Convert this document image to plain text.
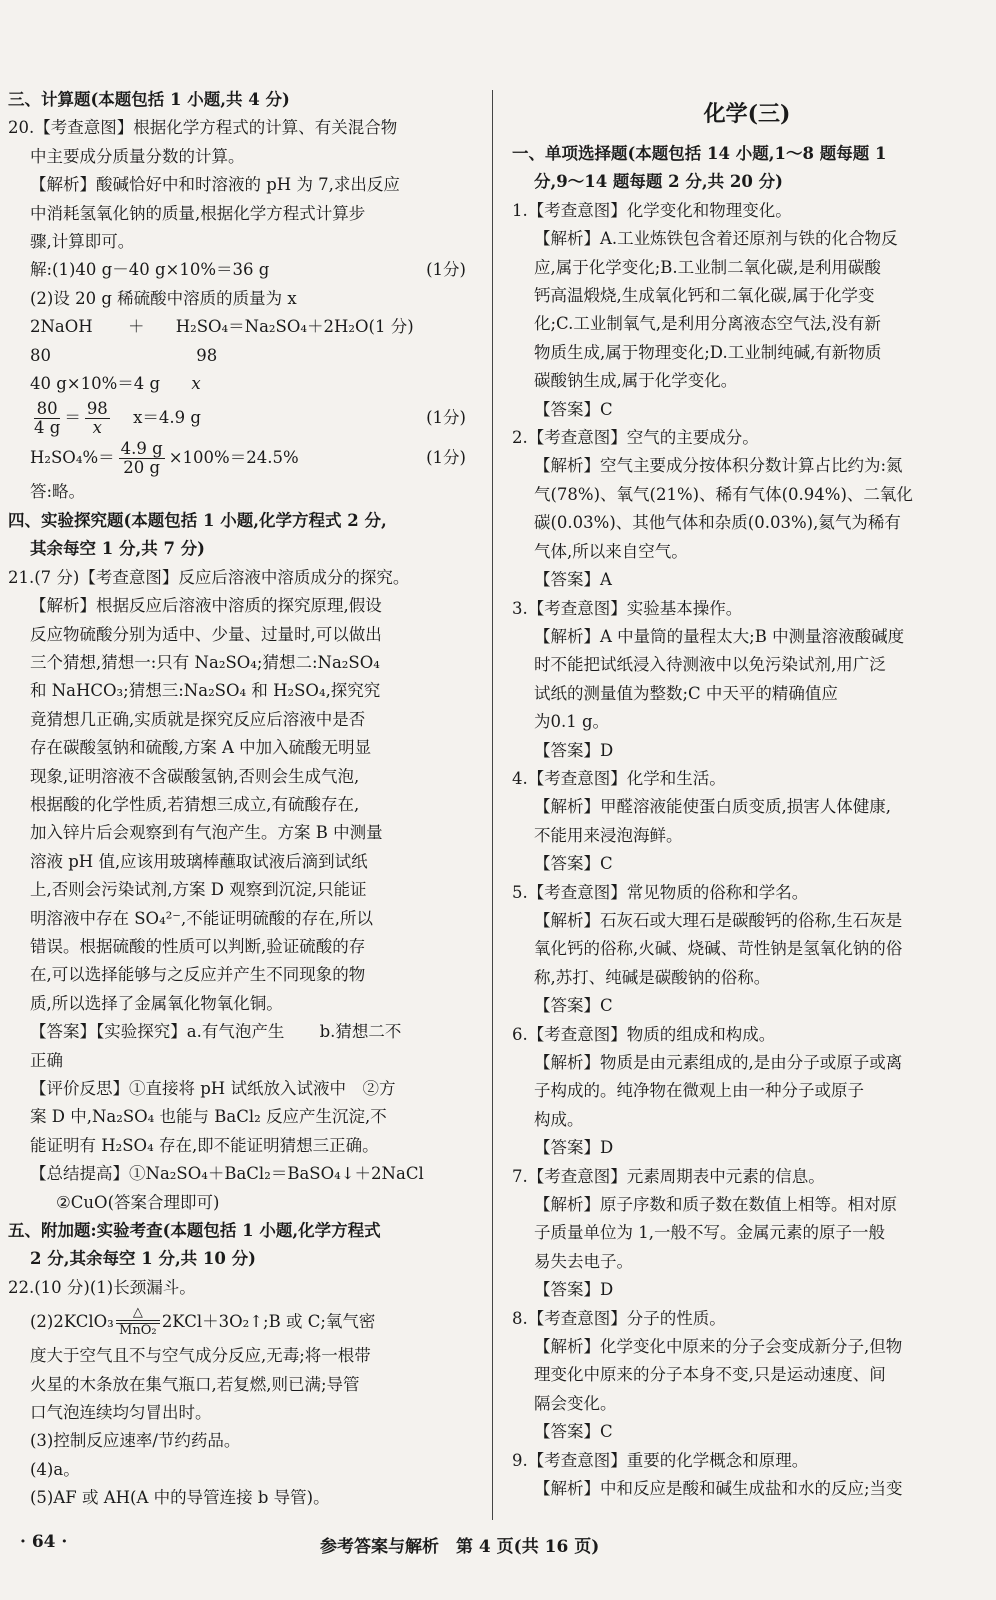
三、计算题(本题包括 1 小题,共 4 分)
20.【考查意图】根据化学方程式的计算、有关混合物
中主要成分质量分数的计算。
【解析】酸碱恰好中和时溶液的 pH 为 7,求出反应
中消耗氢氧化钠的质量,根据化学方程式计算步
骤,计算即可。
解:(1)40 g－40 g×10%＝36 g	(1分)
(2)设 20 g 稀硫酸中溶质的质量为 x
2NaOH ＋ H₂SO₄＝Na₂SO₄＋2H₂O(1 分)
80	98
40 g×10%＝4 g x
$\frac{80}{4 g} = \frac{98}{x} x=4.9$ g	(1分)
$H_2SO_4\%= \frac{4.9 g}{20 g} \times 100\%=24.5\%$	(1分)
答:略。
四、实验探究题(本题包括 1 小题,化学方程式 2 分,
其余每空 1 分,共 7 分)
21.(7 分)【考查意图】反应后溶液中溶质成分的探究。
【解析】根据反应后溶液中溶质的探究原理,假设
反应物硫酸分别为适中、少量、过量时,可以做出
三个猜想,猜想一:只有 Na₂SO₄;猜想二:Na₂SO₄
和 NaHCO₃;猜想三:Na₂SO₄ 和 H₂SO₄,探究究
竟猜想几正确,实质就是探究反应后溶液中是否
存在碳酸氢钠和硫酸,方案 A 中加入硫酸无明显
现象,证明溶液不含碳酸氢钠,否则会生成气泡,
根据酸的化学性质,若猜想三成立,有硫酸存在,
加入锌片后会观察到有气泡产生。方案 B 中测量
溶液 pH 值,应该用玻璃棒蘸取试液后滴到试纸
上,否则会污染试剂,方案 D 观察到沉淀,只能证
明溶液中存在 SO₄²⁻,不能证明硫酸的存在,所以
错误。根据硫酸的性质可以判断,验证硫酸的存
在,可以选择能够与之反应并产生不同现象的物
质,所以选择了金属氧化物氧化铜。
【答案】【实验探究】a.有气泡产生 b.猜想二不
正确
【评价反思】①直接将 pH 试纸放入试液中　②方
案 D 中,Na₂SO₄ 也能与 BaCl₂ 反应产生沉淀,不
能证明有 H₂SO₄ 存在,即不能证明猜想三正确。
【总结提高】①Na₂SO₄＋BaCl₂＝BaSO₄↓＋2NaCl
②CuO(答案合理即可)
五、附加题:实验考查(本题包括 1 小题,化学方程式
2 分,其余每空 1 分,共 10 分)
22.(10 分)(1)长颈漏斗。
(2)2KClO₃ △
MnO₂ 2KCl＋3O₂↑;B 或 C;氧气密
度大于空气且不与空气成分反应,无毒;将一根带
火星的木条放在集气瓶口,若复燃,则已满;导管
口气泡连续均匀冒出时。
(3)控制反应速率/节约药品。
(4)a。
(5)AF 或 AH(A 中的导管连接 b 导管)。
化学(三)
一、单项选择题(本题包括 14 小题,1～8 题每题 1
分,9～14 题每题 2 分,共 20 分)
1.【考查意图】化学变化和物理变化。
【解析】A.工业炼铁包含着还原剂与铁的化合物反
应,属于化学变化;B.工业制二氧化碳,是利用碳酸
钙高温煅烧,生成氧化钙和二氧化碳,属于化学变
化;C.工业制氧气,是利用分离液态空气法,没有新
物质生成,属于物理变化;D.工业制纯碱,有新物质
碳酸钠生成,属于化学变化。
【答案】C
2.【考查意图】空气的主要成分。
【解析】空气主要成分按体积分数计算占比约为:氮
气(78%)、氧气(21%)、稀有气体(0.94%)、二氧化
碳(0.03%)、其他气体和杂质(0.03%),氦气为稀有
气体,所以来自空气。
【答案】A
3.【考查意图】实验基本操作。
【解析】A 中量筒的量程太大;B 中测量溶液酸碱度
时不能把试纸浸入待测液中以免污染试剂,用广泛
试纸的测量值为整数;C 中天平的精确值应
为0.1 g。
【答案】D
4.【考查意图】化学和生活。
【解析】甲醛溶液能使蛋白质变质,损害人体健康,
不能用来浸泡海鲜。
【答案】C
5.【考查意图】常见物质的俗称和学名。
【解析】石灰石或大理石是碳酸钙的俗称,生石灰是
氧化钙的俗称,火碱、烧碱、苛性钠是氢氧化钠的俗
称,苏打、纯碱是碳酸钠的俗称。
【答案】C
6.【考查意图】物质的组成和构成。
【解析】物质是由元素组成的,是由分子或原子或离
子构成的。纯净物在微观上由一种分子或原子
构成。
【答案】D
7.【考查意图】元素周期表中元素的信息。
【解析】原子序数和质子数在数值上相等。相对原
子质量单位为 1,一般不写。金属元素的原子一般
易失去电子。
【答案】D
8.【考查意图】分子的性质。
【解析】化学变化中原来的分子会变成新分子,但物
理变化中原来的分子本身不变,只是运动速度、间
隔会变化。
【答案】C
9.【考查意图】重要的化学概念和原理。
【解析】中和反应是酸和碱生成盐和水的反应;当变
· 64 ·	参考答案与解析　第 4 页(共 16 页)
